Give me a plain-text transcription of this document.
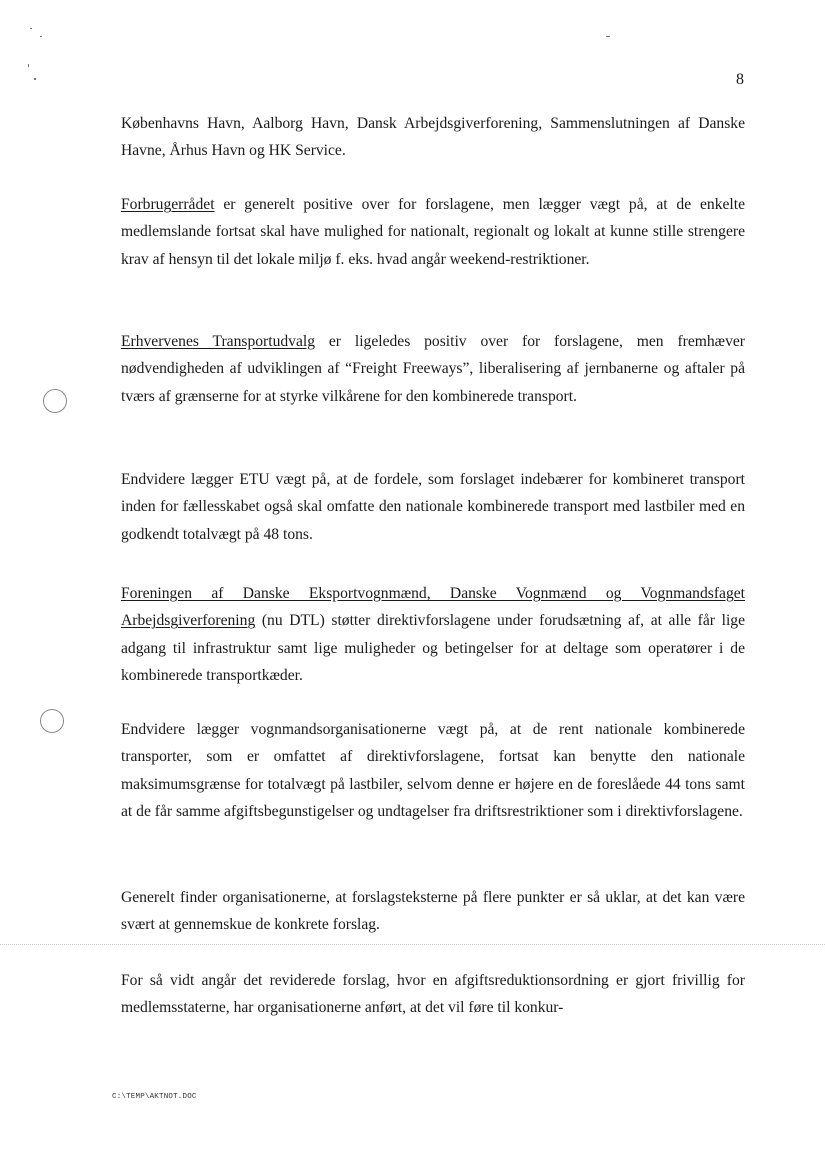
8

Københavns Havn, Aalborg Havn, Dansk Arbejdsgiverforening, Sammenslutningen af Danske Havne, Århus Havn og HK Service.

Forbrugerrådet er generelt positive over for forslagene, men lægger vægt på, at de enkelte medlemslande fortsat skal have mulighed for nationalt, regionalt og lokalt at kunne stille strengere krav af hensyn til det lokale miljø f. eks. hvad angår weekend-restriktioner.

Erhvervenes Transportudvalg er ligeledes positiv over for forslagene, men fremhæver nødvendigheden af udviklingen af “Freight Freeways”, liberalisering af jernbanerne og aftaler på tværs af grænserne for at styrke vilkårene for den kombinerede transport.

Endvidere lægger ETU vægt på, at de fordele, som forslaget indebærer for kombineret transport inden for fællesskabet også skal omfatte den nationale kombinerede transport med lastbiler med en godkendt totalvægt på 48 tons.

Foreningen af Danske Eksportvognmænd, Danske Vognmænd og Vognmandsfaget Arbejdsgiverforening (nu DTL) støtter direktivforslagene under forudsætning af, at alle får lige adgang til infrastruktur samt lige muligheder og betingelser for at deltage som operatører i de kombinerede transportkæder.

Endvidere lægger vognmandsorganisationerne vægt på, at de rent nationale kombinerede transporter, som er omfattet af direktivforslagene, fortsat kan benytte den nationale maksimumsgrænse for totalvægt på lastbiler, selvom denne er højere en de foreslåede 44 tons samt at de får samme afgiftsbegunstigelser og undtagelser fra driftsrestriktioner som i direktivforslagene.

Generelt finder organisationerne, at forslagsteksterne på flere punkter er så uklar, at det kan være svært at gennemskue de konkrete forslag.

For så vidt angår det reviderede forslag, hvor en afgiftsreduktionsordning er gjort frivillig for medlemsstaterne, har organisationerne anført, at det vil føre til konkur-

C:\TEMP\AKTNOT.DOC
